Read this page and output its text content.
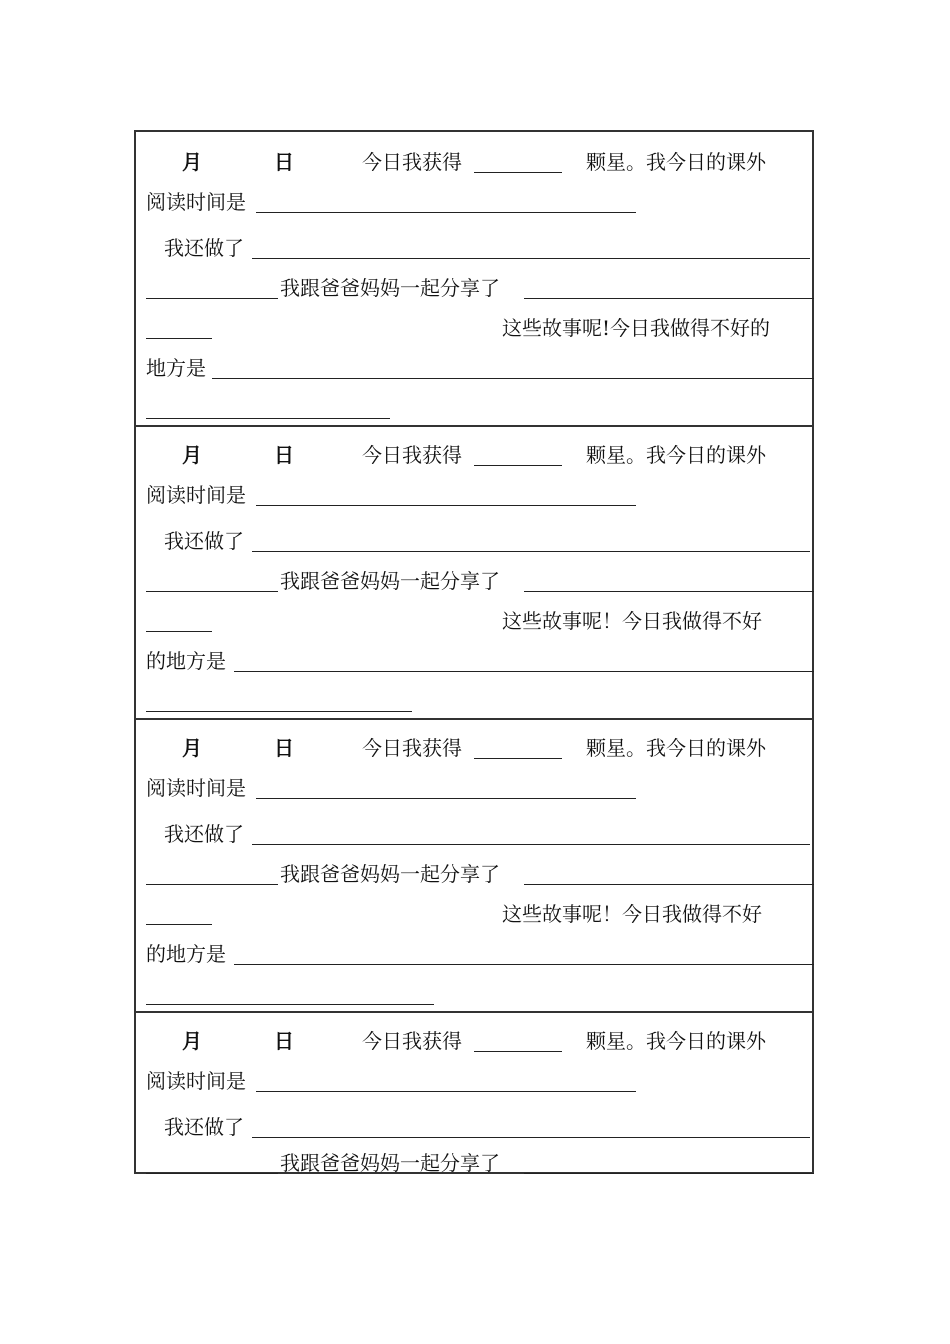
月	日	今日我获得	颗星。我今日的课外
阅读时间是
我还做了
我跟爸爸妈妈一起分享了
这些故事呢!今日我做得不好的
地方是
月	日	今日我获得	颗星。我今日的课外
阅读时间是
我还做了
我跟爸爸妈妈一起分享了
这些故事呢！今日我做得不好
的地方是
月	日	今日我获得	颗星。我今日的课外
阅读时间是
我还做了
我跟爸爸妈妈一起分享了
这些故事呢！今日我做得不好
的地方是
月	日	今日我获得	颗星。我今日的课外
阅读时间是
我还做了
我跟爸爸妈妈一起分享了
